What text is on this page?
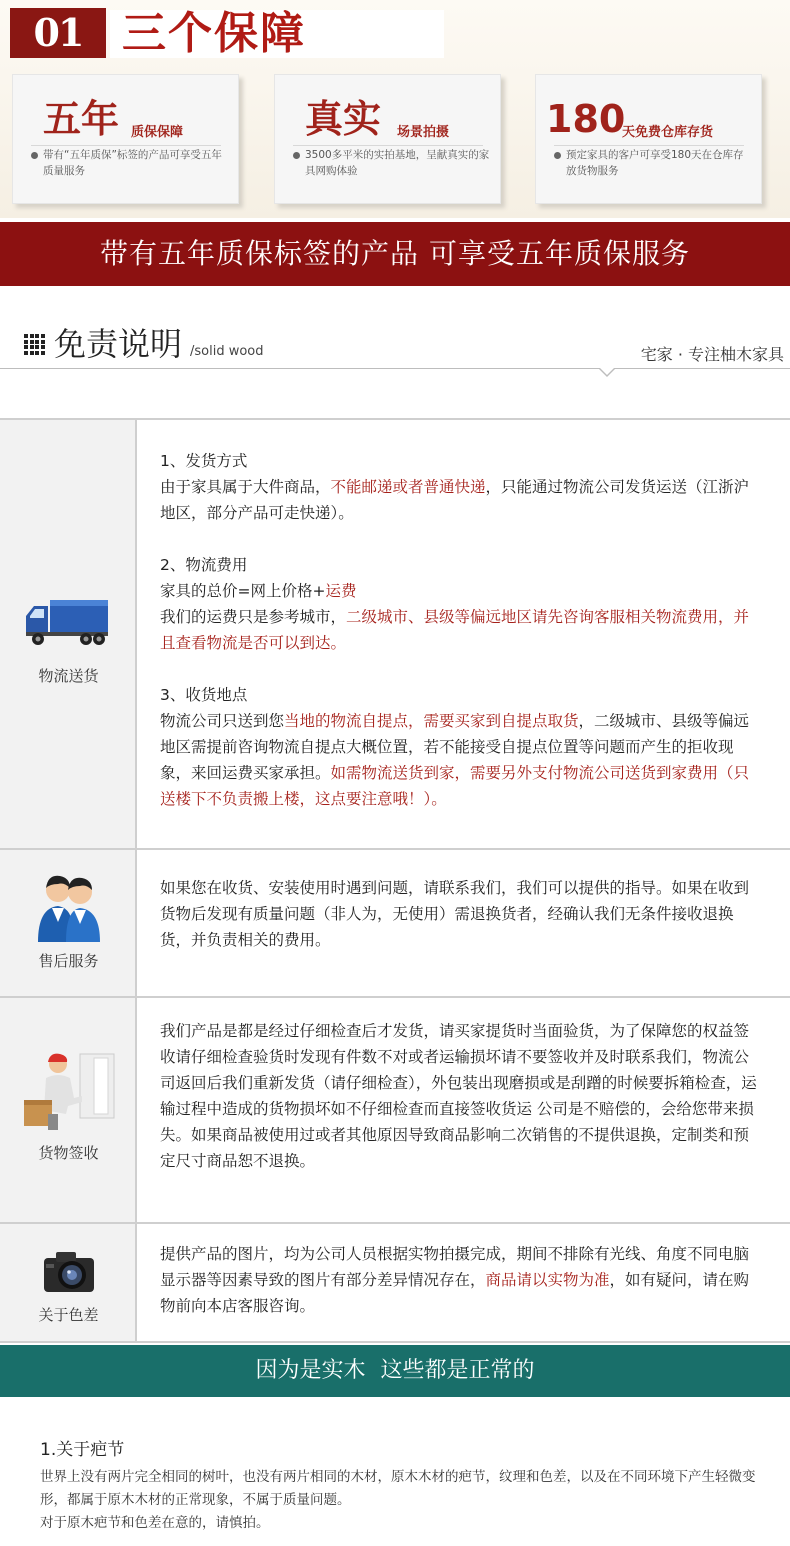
01 三个保障
五年 质保保障
带有“五年质保”标签的产品可享受五年质量服务
真实 场景拍摄
3500多平米的实拍基地，呈献真实的家具网购体验
180
天免费仓库存货
预定家具的客户可享受180天在仓库存放货物服务
带有五年质保标签的产品 可享受五年质保服务
免责说明 /solid wood	宅家 · 专注柚木家具
物流送货
1、发货方式
由于家具属于大件商品，不能邮递或者普通快递，只能通过物流公司发货运送（江浙沪地区，部分产品可走快递）。
2、物流费用
家具的总价=网上价格+运费
我们的运费只是参考城市，二级城市、县级等偏远地区请先咨询客服相关物流费用，并且查看物流是否可以到达。
3、收货地点
物流公司只送到您当地的物流自提点，需要买家到自提点取货，二级城市、县级等偏远地区需提前咨询物流自提点大概位置，若不能接受自提点位置等问题而产生的拒收现象，来回运费买家承担。如需物流送货到家，需要另外支付物流公司送货到家费用（只送楼下不负责搬上楼，这点要注意哦！）。
售后服务
如果您在收货、安装使用时遇到问题，请联系我们，我们可以提供的指导。如果在收到货物后发现有质量问题（非人为，无使用）需退换货者，经确认我们无条件接收退换货，并负责相关的费用。
货物签收
我们产品是都是经过仔细检查后才发货，请买家提货时当面验货，为了保障您的权益签收请仔细检查验货时发现有件数不对或者运输损坏请不要签收并及时联系我们，物流公司返回后我们重新发货（请仔细检查），外包装出现磨损或是刮蹭的时候要拆箱检查，运输过程中造成的货物损坏如不仔细检查而直接签收货运 公司是不赔偿的，会给您带来损失。如果商品被使用过或者其他原因导致商品影响二次销售的不提供退换，定制类和预定尺寸商品恕不退换。
关于色差
提供产品的图片，均为公司人员根据实物拍摄完成，期间不排除有光线、角度不同电脑显示器等因素导致的图片有部分差异情况存在，商品请以实物为准，如有疑问，请在购物前向本店客服咨询。
因为是实木 这些都是正常的
1.关于疤节
世界上没有两片完全相同的树叶，也没有两片相同的木材，原木木材的疤节，纹理和色差，以及在不同环境下产生轻微变形，都属于原木木材的正常现象，不属于质量问题。
对于原木疤节和色差在意的，请慎拍。
